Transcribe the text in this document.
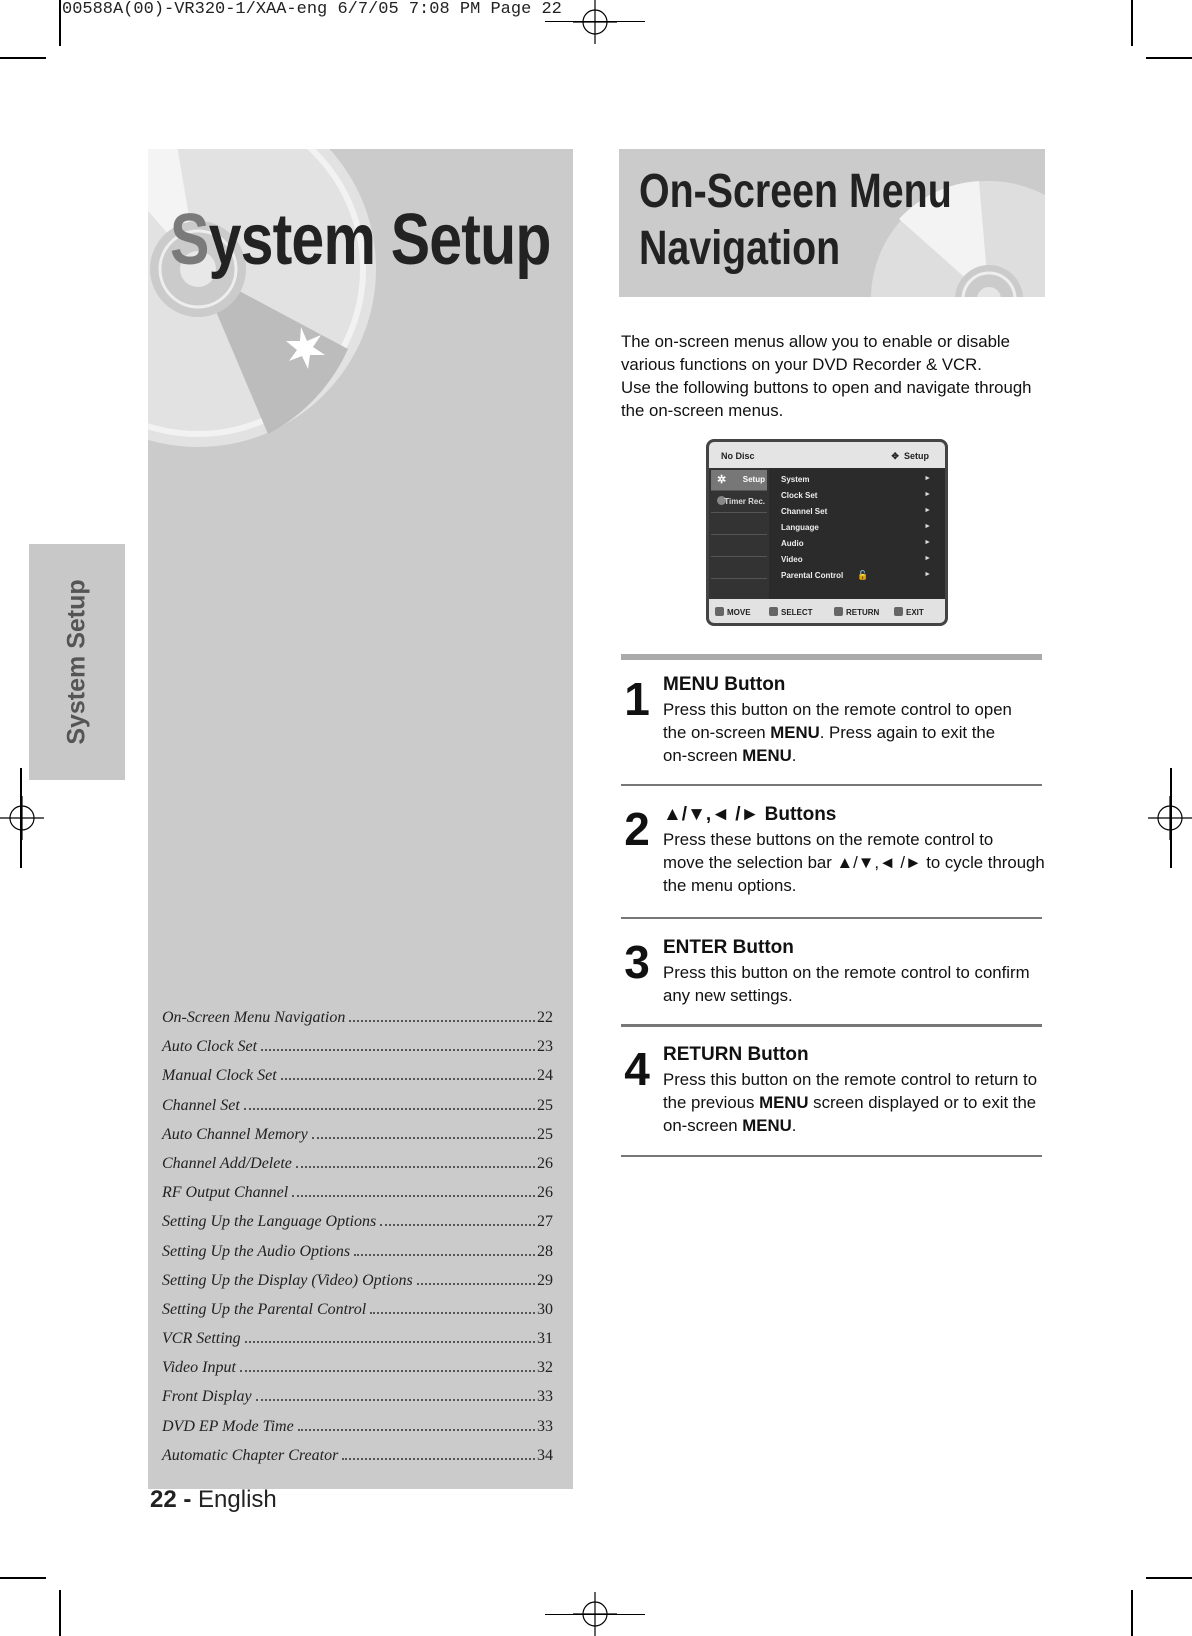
00588A(00)-VR320-1/XAA-eng 6/7/05 7:08 PM Page 22
System Setup
System Setup
On-Screen Menu Navigation	22
Auto Clock Set	23
Manual Clock Set	24
Channel Set	25
Auto Channel Memory	25
Channel Add/Delete	26
RF Output Channel	26
Setting Up the Language Options	27
Setting Up the Audio Options	28
Setting Up the Display (Video) Options	29
Setting Up the Parental Control	30
VCR Setting	31
Video Input	32
Front Display	33
DVD EP Mode Time	33
Automatic Chapter Creator	34
22 - English
On-Screen Menu
Navigation
The on-screen menus allow you to enable or disable
various functions on your DVD Recorder & VCR.
Use the following buttons to open and navigate through
the on-screen menus.
No Disc	✥ Setup
✲ Setup
Timer Rec.
System	►
Clock Set	►
Channel Set	►
Language	►
Audio	►
Video	►
Parental Control 🔓	►
MOVE	SELECT	RETURN	EXIT
1 MENU Button
Press this button on the remote control to open
the on-screen MENU. Press again to exit the
on-screen MENU.
2 ▲/▼,◄ /► Buttons
Press these buttons on the remote control to
move the selection bar ▲/▼,◄ /► to cycle through
the menu options.
3 ENTER Button
Press this button on the remote control to confirm
any new settings.
4 RETURN Button
Press this button on the remote control to return to
the previous MENU screen displayed or to exit the
on-screen MENU.
